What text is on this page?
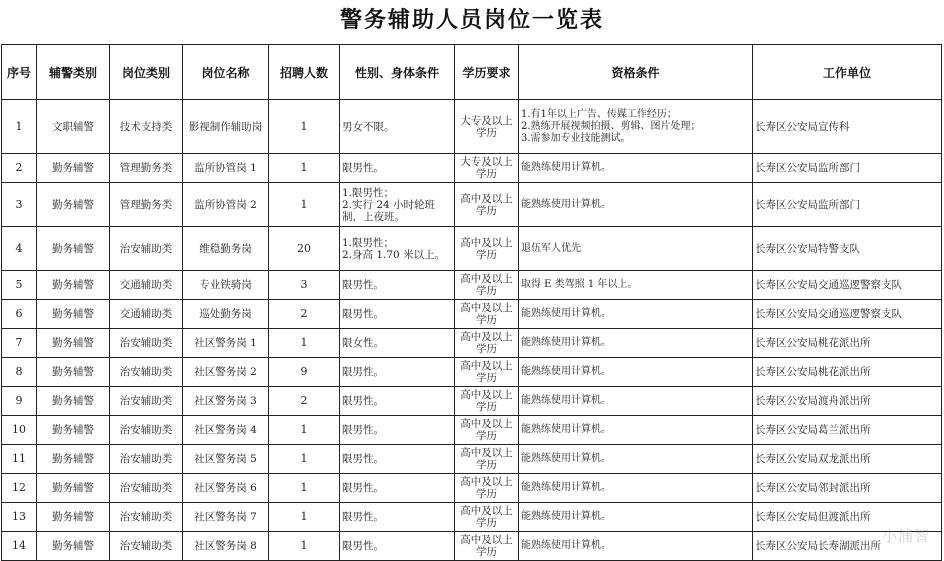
警务辅助人员岗位一览表
序号	辅警类别	岗位类别	岗位名称	招聘人数	性别、身体条件	学历要求	资格条件	工作单位
1	文职辅警	技术支持类	影视制作辅助岗	1	男女不限。	大专及以上学历	1.有1年以上广告、传媒工作经历；
2.熟练开展视频拍摄、剪辑、图片处理；
3.需参加专业技能测试。	长寿区公安局宣传科
2	勤务辅警	管理勤务类	监所协管岗 1	1	限男性。	大专及以上学历	能熟练使用计算机。	长寿区公安局监所部门
3	勤务辅警	管理勤务类	监所协管岗 2	1	1.限男性；
2.实行 24 小时轮班制，上夜班。	高中及以上学历	能熟练使用计算机。	长寿区公安局监所部门
4	勤务辅警	治安辅助类	维稳勤务岗	20	1.限男性；
2.身高 1.70 米以上。	高中及以上学历	退伍军人优先	长寿区公安局特警支队
5	勤务辅警	交通辅助类	专业铁骑岗	3	限男性。	高中及以上学历	取得 E 类驾照 1 年以上。	长寿区公安局交通巡逻警察支队
6	勤务辅警	交通辅助类	巡处勤务岗	2	限男性。	高中及以上学历	能熟练使用计算机。	长寿区公安局交通巡逻警察支队
7	勤务辅警	治安辅助类	社区警务岗 1	1	限女性。	高中及以上学历	能熟练使用计算机。	长寿区公安局桃花派出所
8	勤务辅警	治安辅助类	社区警务岗 2	9	限男性。	高中及以上学历	能熟练使用计算机。	长寿区公安局桃花派出所
9	勤务辅警	治安辅助类	社区警务岗 3	2	限男性。	高中及以上学历	能熟练使用计算机。	长寿区公安局渡舟派出所
10	勤务辅警	治安辅助类	社区警务岗 4	1	限男性。	高中及以上学历	能熟练使用计算机。	长寿区公安局葛兰派出所
11	勤务辅警	治安辅助类	社区警务岗 5	1	限男性。	高中及以上学历	能熟练使用计算机。	长寿区公安局双龙派出所
12	勤务辅警	治安辅助类	社区警务岗 6	1	限男性。	高中及以上学历	能熟练使用计算机。	长寿区公安局邻封派出所
13	勤务辅警	治安辅助类	社区警务岗 7	1	限男性。	高中及以上学历	能熟练使用计算机。	长寿区公安局但渡派出所
14	勤务辅警	治安辅助类	社区警务岗 8	1	限男性。	高中及以上学历	能熟练使用计算机。	长寿区公安局长寿湖派出所
小浦智
